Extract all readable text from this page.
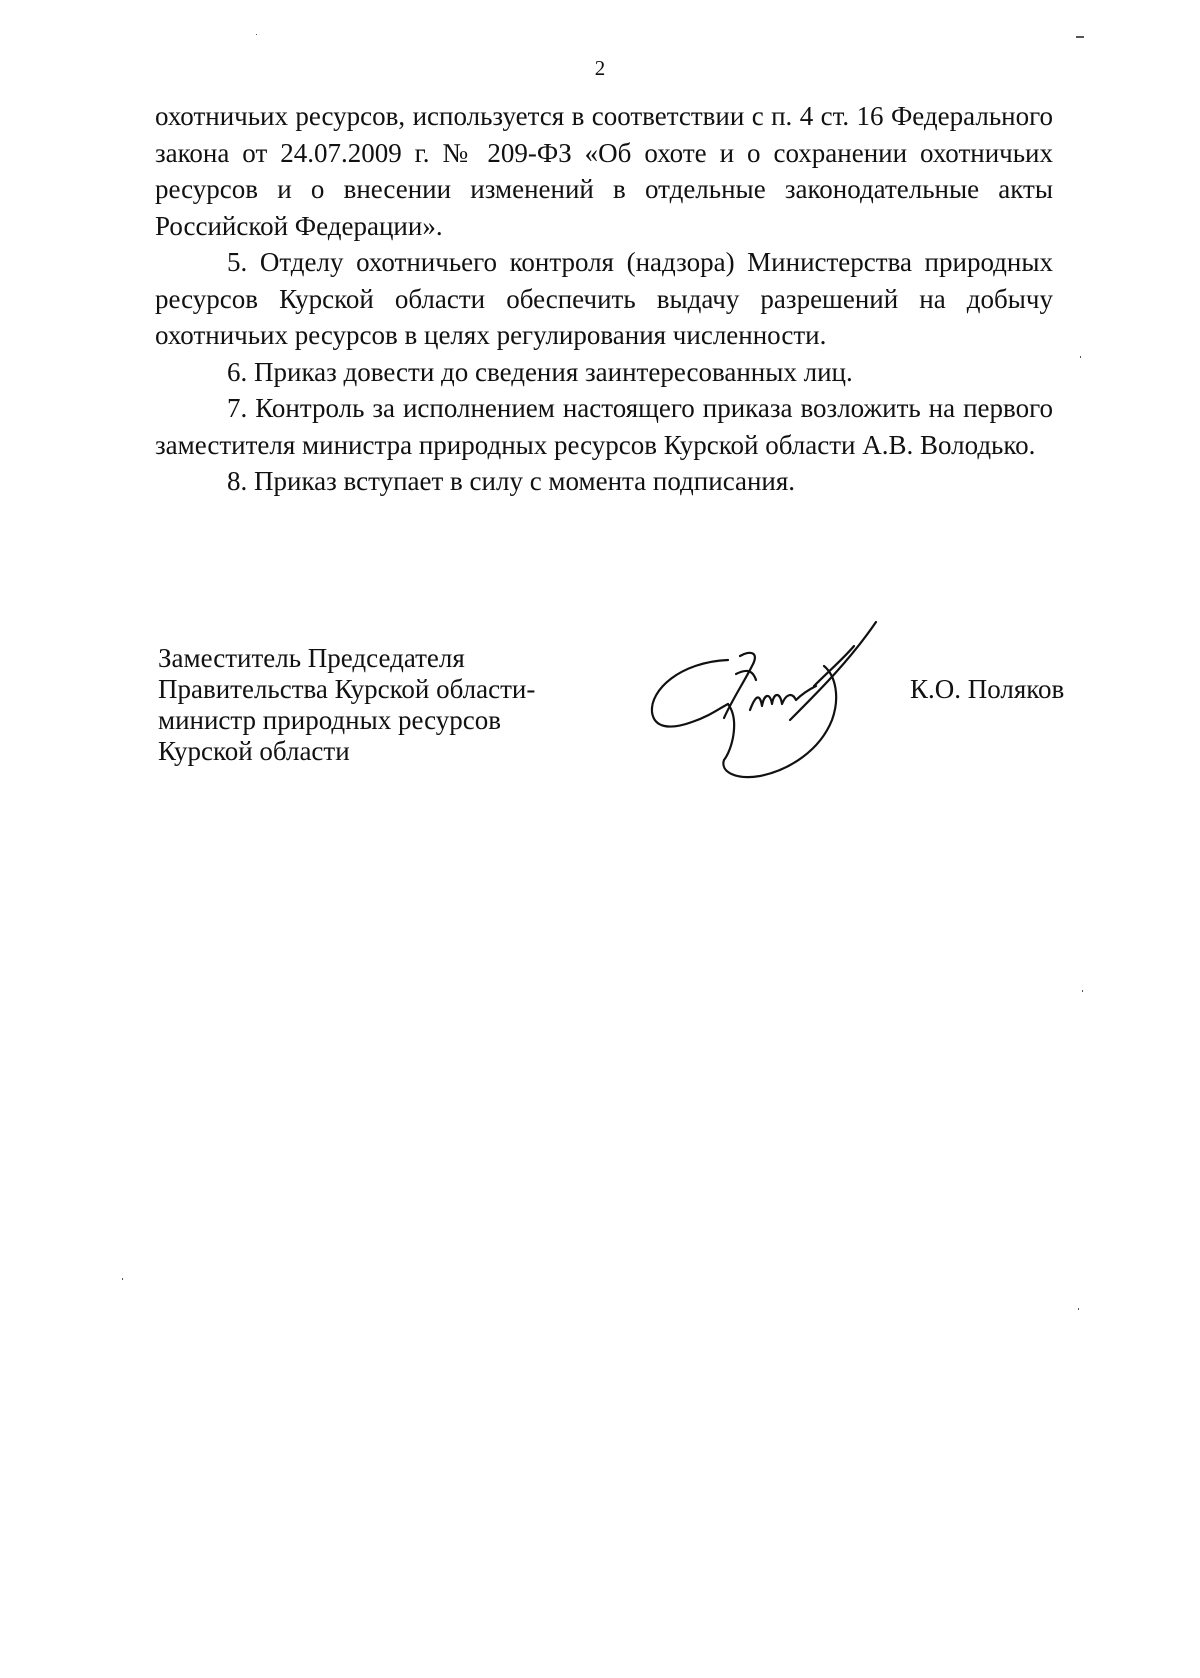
2

охотничьих ресурсов, используется в соответствии с п. 4 ст. 16 Федерального закона от 24.07.2009 г. № 209-ФЗ «Об охоте и о сохранении охотничьих ресурсов и о внесении изменений в отдельные законодательные акты Российской Федерации».

5. Отделу охотничьего контроля (надзора) Министерства природных ресурсов Курской области обеспечить выдачу разрешений на добычу охотничьих ресурсов в целях регулирования численности.

6. Приказ довести до сведения заинтересованных лиц.

7. Контроль за исполнением настоящего приказа возложить на первого заместителя министра природных ресурсов Курской области А.В. Володько.

8. Приказ вступает в силу с момента подписания.

Заместитель Председателя
Правительства Курской области-
министр природных ресурсов
Курской области
К.О. Поляков
